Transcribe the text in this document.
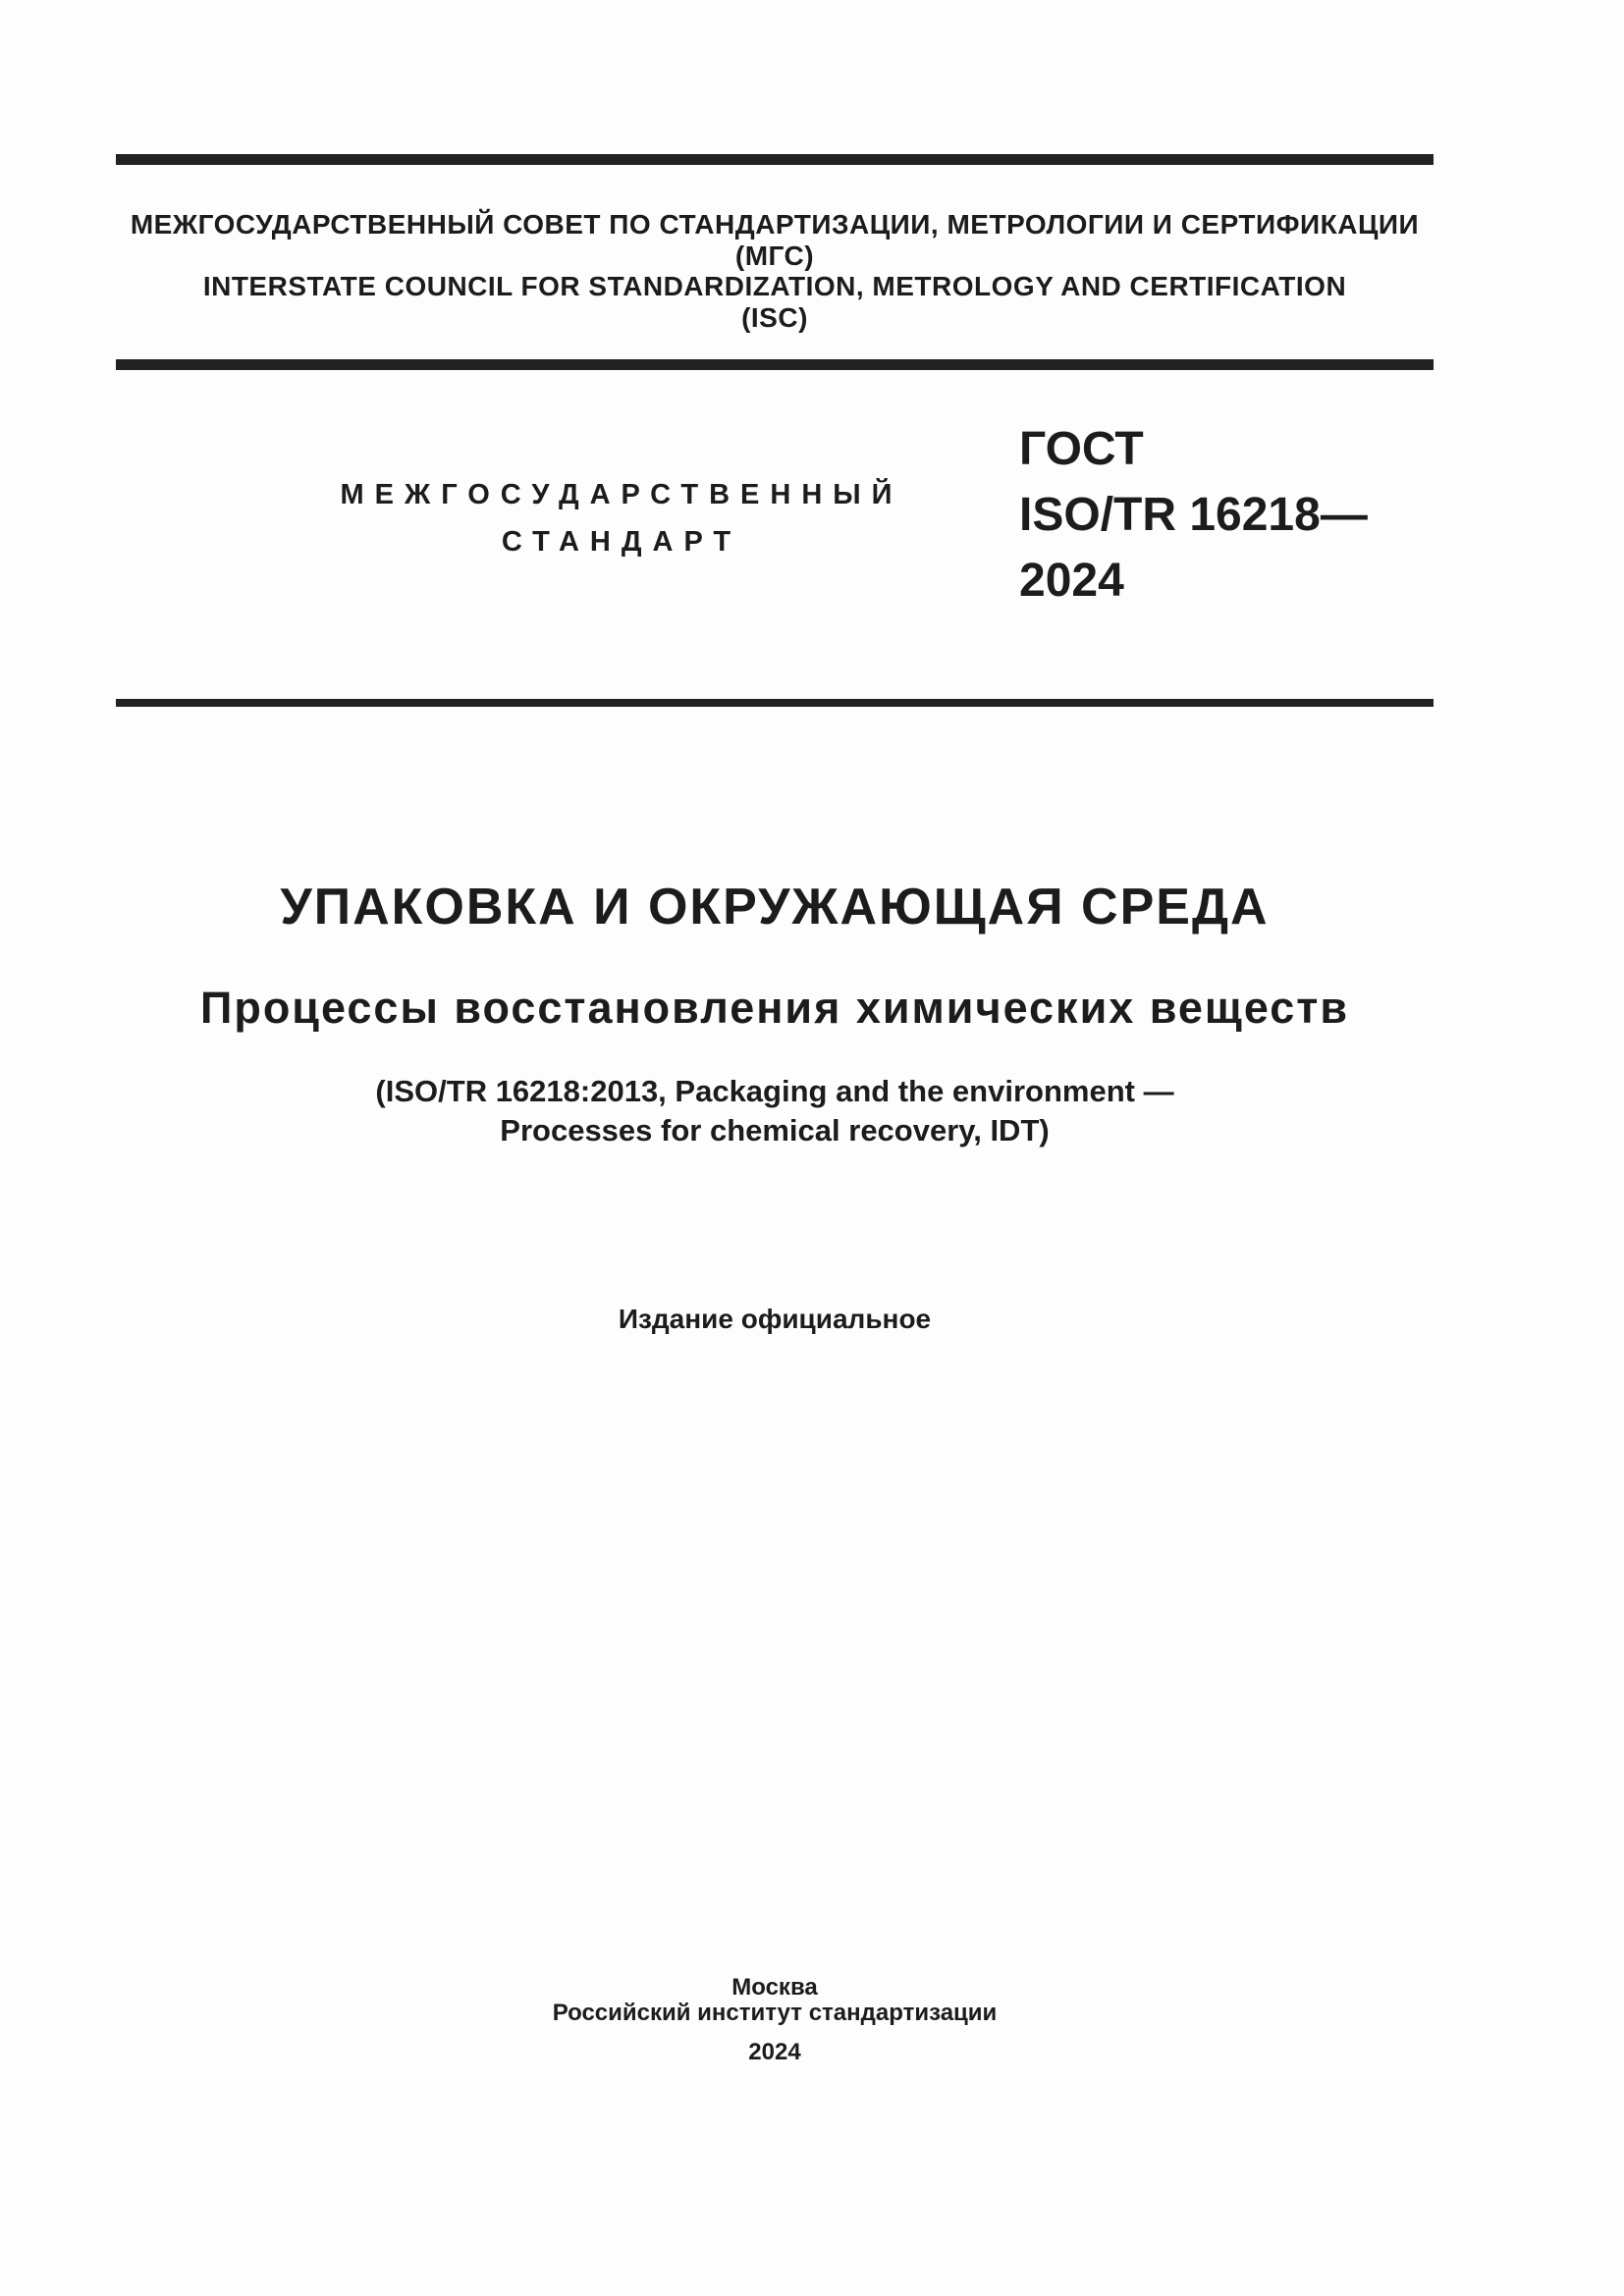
МЕЖГОСУДАРСТВЕННЫЙ СОВЕТ ПО СТАНДАРТИЗАЦИИ, МЕТРОЛОГИИ И СЕРТИФИКАЦИИ
(МГС)
INTERSTATE COUNCIL FOR STANDARDIZATION, METROLOGY AND CERTIFICATION
(ISC)
МЕЖГОСУДАРСТВЕННЫЙ
СТАНДАРТ
ГОСТ
ISO/TR 16218—
2024
УПАКОВКА И ОКРУЖАЮЩАЯ СРЕДА
Процессы восстановления химических веществ
(ISO/TR 16218:2013, Packaging and the environment —
Processes for chemical recovery, IDT)
Издание официальное
Москва
Российский институт стандартизации
2024
